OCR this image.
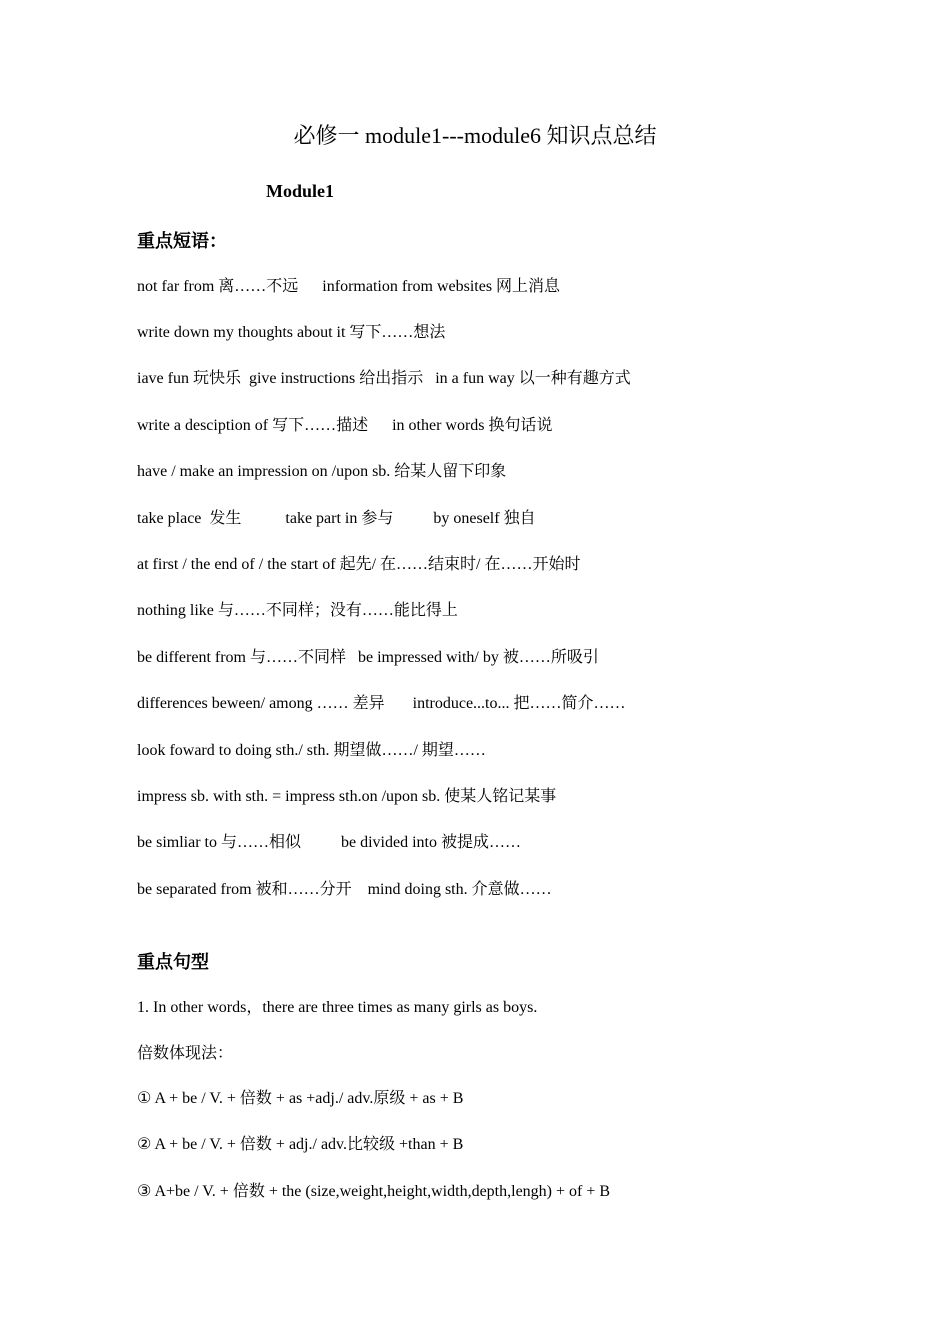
必修一 module1---module6 知识点总结
Module1
重点短语：
not far from 离……不远      information from websites 网上消息
write down my thoughts about it 写下……想法
iave fun 玩快乐  give instructions 给出指示   in a fun way 以一种有趣方式
write a desciption of 写下……描述      in other words 换句话说
have / make an impression on /upon sb. 给某人留下印象
take place  发生           take part in 参与          by oneself 独自
at first / the end of / the start of 起先/ 在……结束时/ 在……开始时
nothing like 与……不同样；没有……能比得上
be different from 与……不同样   be impressed with/ by 被……所吸引
differences beween/ among …… 差异       introduce...to... 把……简介……
look foward to doing sth./ sth. 期望做……/ 期望……
impress sb. with sth. = impress sth.on /upon sb. 使某人铭记某事
be simliar to 与……相似          be divided into 被提成……
be separated from 被和……分开    mind doing sth. 介意做……
重点句型
1. In other words，there are three times as many girls as boys.
倍数体现法：
① A + be / V. + 倍数 + as +adj./ adv.原级 + as + B
② A + be / V. + 倍数 + adj./ adv.比较级 +than + B
③ A+be / V. + 倍数 + the (size,weight,height,width,depth,lengh) + of + B
